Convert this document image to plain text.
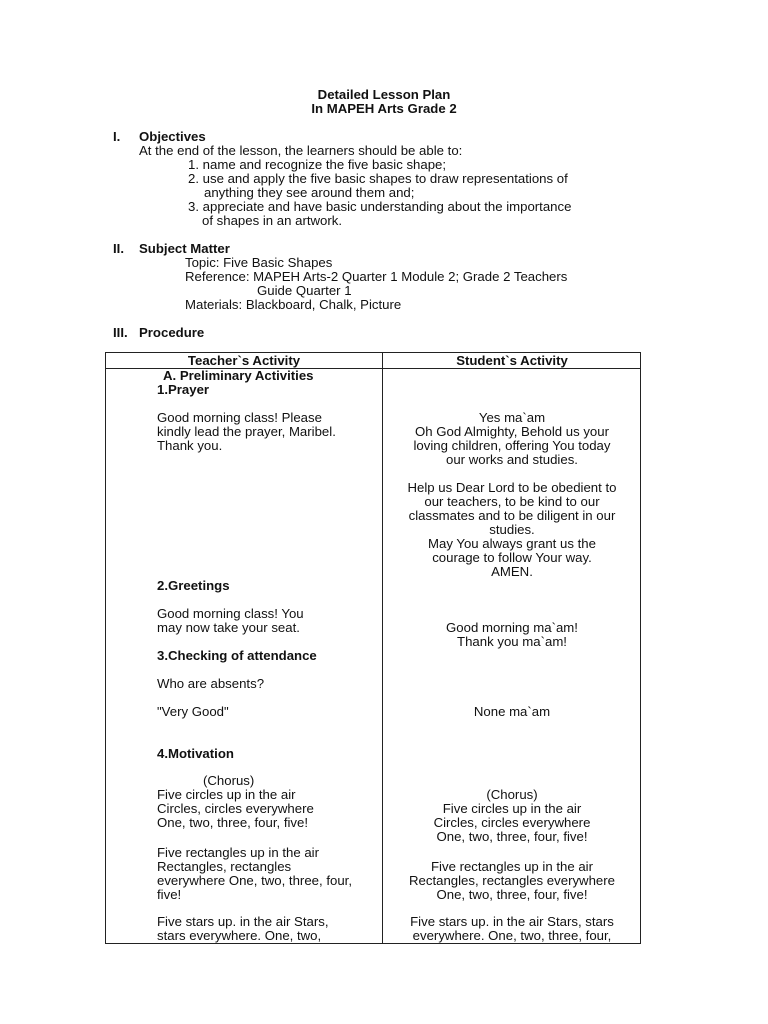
Detailed Lesson Plan
In MAPEH Arts Grade 2
I. Objectives
At the end of the lesson, the learners should be able to:
1. name and recognize the five basic shape;
2. use and apply the five basic shapes to draw representations of
anything they see around them and;
3. appreciate and have basic understanding about the importance
of shapes in an artwork.
II. Subject Matter
Topic: Five Basic Shapes
Reference: MAPEH Arts-2 Quarter 1 Module 2; Grade 2 Teachers
Guide Quarter 1
Materials: Blackboard, Chalk, Picture
III. Procedure
Teacher`s Activity	Student`s Activity
A. Preliminary Activities
1.Prayer
Good morning class! Please
kindly lead the prayer, Maribel.
Thank you.
2.Greetings
Good morning class! You
may now take your seat.
3.Checking of attendance
Who are absents?
"Very Good"
4.Motivation
(Chorus)
Five circles up in the air
Circles, circles everywhere
One, two, three, four, five!
Five rectangles up in the air
Rectangles, rectangles
everywhere One, two, three, four,
five!
Five stars up. in the air Stars,
stars everywhere. One, two,
Yes ma`am
Oh God Almighty, Behold us your
loving children, offering You today
our works and studies.
Help us Dear Lord to be obedient to
our teachers, to be kind to our
classmates and to be diligent in our
studies.
May You always grant us the
courage to follow Your way.
AMEN.
Good morning ma`am!
Thank you ma`am!
None ma`am
(Chorus)
Five circles up in the air
Circles, circles everywhere
One, two, three, four, five!
Five rectangles up in the air
Rectangles, rectangles everywhere
One, two, three, four, five!
Five stars up. in the air Stars, stars
everywhere. One, two, three, four,
